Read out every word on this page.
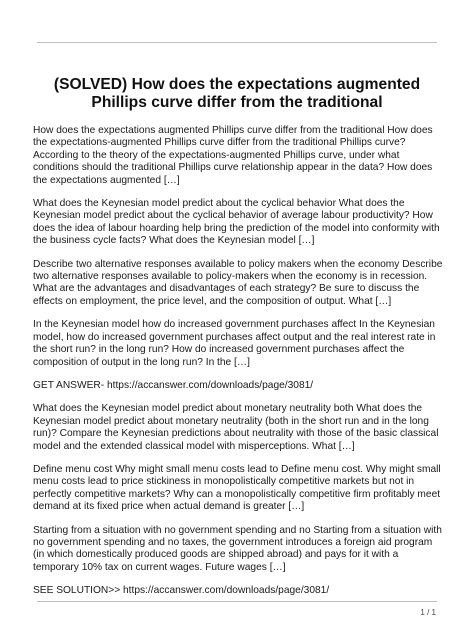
(SOLVED) How does the expectations augmented Phillips curve differ from the traditional

How does the expectations augmented Phillips curve differ from the traditional How does the expectations-augmented Phillips curve differ from the traditional Phillips curve? According to the theory of the expectations-augmented Phillips curve, under what conditions should the traditional Phillips curve relationship appear in the data? How does the expectations augmented […]

What does the Keynesian model predict about the cyclical behavior What does the Keynesian model predict about the cyclical behavior of average labour productivity? How does the idea of labour hoarding help bring the prediction of the model into conformity with the business cycle facts? What does the Keynesian model […]

Describe two alternative responses available to policy makers when the economy Describe two alternative responses available to policy-makers when the economy is in recession. What are the advantages and disadvantages of each strategy? Be sure to discuss the effects on employment, the price level, and the composition of output. What […]

In the Keynesian model how do increased government purchases affect In the Keynesian model, how do increased government purchases affect output and the real interest rate in the short run? in the long run? How do increased government purchases affect the composition of output in the long run? In the […]

GET ANSWER- https://accanswer.com/downloads/page/3081/

What does the Keynesian model predict about monetary neutrality both What does the Keynesian model predict about monetary neutrality (both in the short run and in the long run)? Compare the Keynesian predictions about neutrality with those of the basic classical model and the extended classical model with misperceptions. What […]

Define menu cost Why might small menu costs lead to Define menu cost. Why might small menu costs lead to price stickiness in monopolistically competitive markets but not in perfectly competitive markets? Why can a monopolistically competitive firm profitably meet demand at its fixed price when actual demand is greater […]

Starting from a situation with no government spending and no Starting from a situation with no government spending and no taxes, the government introduces a foreign aid program (in which domestically produced goods are shipped abroad) and pays for it with a temporary 10% tax on current wages. Future wages […]

SEE SOLUTION>> https://accanswer.com/downloads/page/3081/

1 / 1
